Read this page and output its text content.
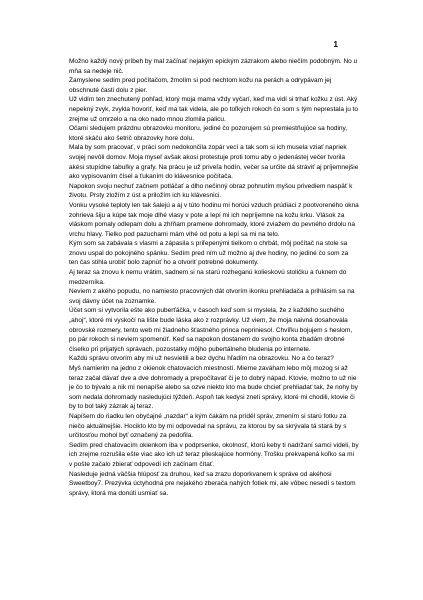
1

Možno každý nový príbeh by mal začínať nejakým epickým zázrakom alebo niečím podobným. No u mňa sa nedeje nič.

Zamyslene sedím pred počítačom, žmolím si pod nechtom kožu na perách a odrypávam jej obschnuté časti dolu z pier.

Už vidím ten znechutený pohľad, ktorý moja mama vždy vyčarí, keď ma vidí si trhať kožku z úst. Aký nepekný zvyk, zvykla hovoriť, keď ma tak videla, ale po toľkých rokoch čo som s tým neprestala ju to zrejme už omrzelo a na oko nado mnou zlomila palicu.

Očami sledujem prázdnu obrazovku monitoru, jediné čo pozorujem sú premiestňujúce sa hodiny, ktoré skáču ako šetrič obrazovky hore dolu.

Mala by som pracovať, v práci som nedokončila zopár vecí a tak som si ich musela vziať napriek svojej nevôli domov. Moja myseľ avšak akosi protestuje proti tomu aby o jedenástej večer tvorila akési stupídne tabuľky a grafy. Na prácu je už priveľa hodín, večer sa určite dá stráviť aj príjemnejšie ako vypisovaním čísel a ťukaním do klávesnice počítača.

Napokon svoju nechuť začnem potláčať a dlho nečinný obraz pohnutím myšou privediem naspäť k životu. Prsty zložím z úst a priložím ich ku klávesnici.

Vonku vysoké teploty len tak šalejú a aj v túto hodinu mi horúci vzduch prúdiaci z pootvoreného okna zohrieva šiju a kúpe tak moje dlhé vlasy v pote a lepí mi ich nepríjemne na kožu krku. Vlások za vláskom pomaly odlepam dolu a zhŕňam pramene dohromady, ktoré zviažem do pevného drdolu na vrchu hlavy. Tielko pod pazuchami mám vlhé od potu a lepí sa mi na telo.

Kým som sa zabávala s vlasmi a zápasila s priľepenými tielkom o chrbát, môj počítač na stole sa znovu uspal do pokojného spánku. Sedím pred ním už možno aj dve hodiny, no jediné čo som za ten čas stihla urobiť bolo zapnúť ho a otvoriť potrebné dokumenty.

Aj teraz sa znovu k nemu vrátim, sadnem si na starú rozheganú kolieskovú stoličku a ťuknem do medzerníka.

Neviem z akého popudu, no namiesto pracovných dát otvorím ikonku prehliadača a prihlásim sa na svoj dávny účet na zoznamke.

Účet som si vytvorila ešte ako puberťáčka, v časoch keď som si myslela, že z každého suchého „ahoj“, ktoré mi vyskočí na lište bude láska ako z rozprávky. Už viem, že moja naivná dosahovala obrovské rozmery, tento web mi žiadneho šťastného princa nepriniesol. Chvíľku bojujem s heslom, po pár rokoch si neviem spomenúť. Keď sa napokon dostanem do svojho konta zbadám drobné číselko pri prijatých správach, pozostatky môjho pubertálneho bludenia po internete.

Každú správu otvorím aby mi už nesvietili a bez dychu hľadím na obrazovku. No a čo teraz?

Myš namierim na jedno z okienok chatovacích miestností. Mierne zaváham lebo môj mozog si až teraz začal dávať dve a dve dohromady a prepočítavať či je to dobrý nápad. Ktovie, možno to už nie je čo to bývalo a nik mi nenapíše alebo sa ozve niekto kto ma bude chcieť prehliadať tak, že nohy by som nedala dohromady nasledujúci týždeň. Aspoň tak kedysi znelí správy, ktoré mi chodili, ktovie či by to bol taký zázrak aj teraz.

Napíšem do riadku len obyčajné „nazdar“ a kým čakám na príděl správ, zmením si starú fotku za niečo aktuálnejšie. Hocikto kto by mi odpovedal na správu, za ktorou by sa skrývala tá stará by s určitosťou mohol byť označený za pedofila.

Sedím pred chatovacím okienkom iba v podprsenke, okolnosť, ktorú keby ti nadržaní samci videli, by ich zrejme rozrušila ešte viac ako ich už teraz plieskajúce hormóny. Trošku prekvapená koľko sa mi v pošte začalo zbierať odpovedí ich začínam čítať.

Nasleduje jedná väčšia hlúposť za druhou, keď sa zrazu doporkvanem k správe od akéhosi Sweetboy7. Prezývka úctyhodná pre nejakého zberača nahých fotiek mi, ale vôbec nesedí s textom správy, ktorá ma donúti usmiať sa.
